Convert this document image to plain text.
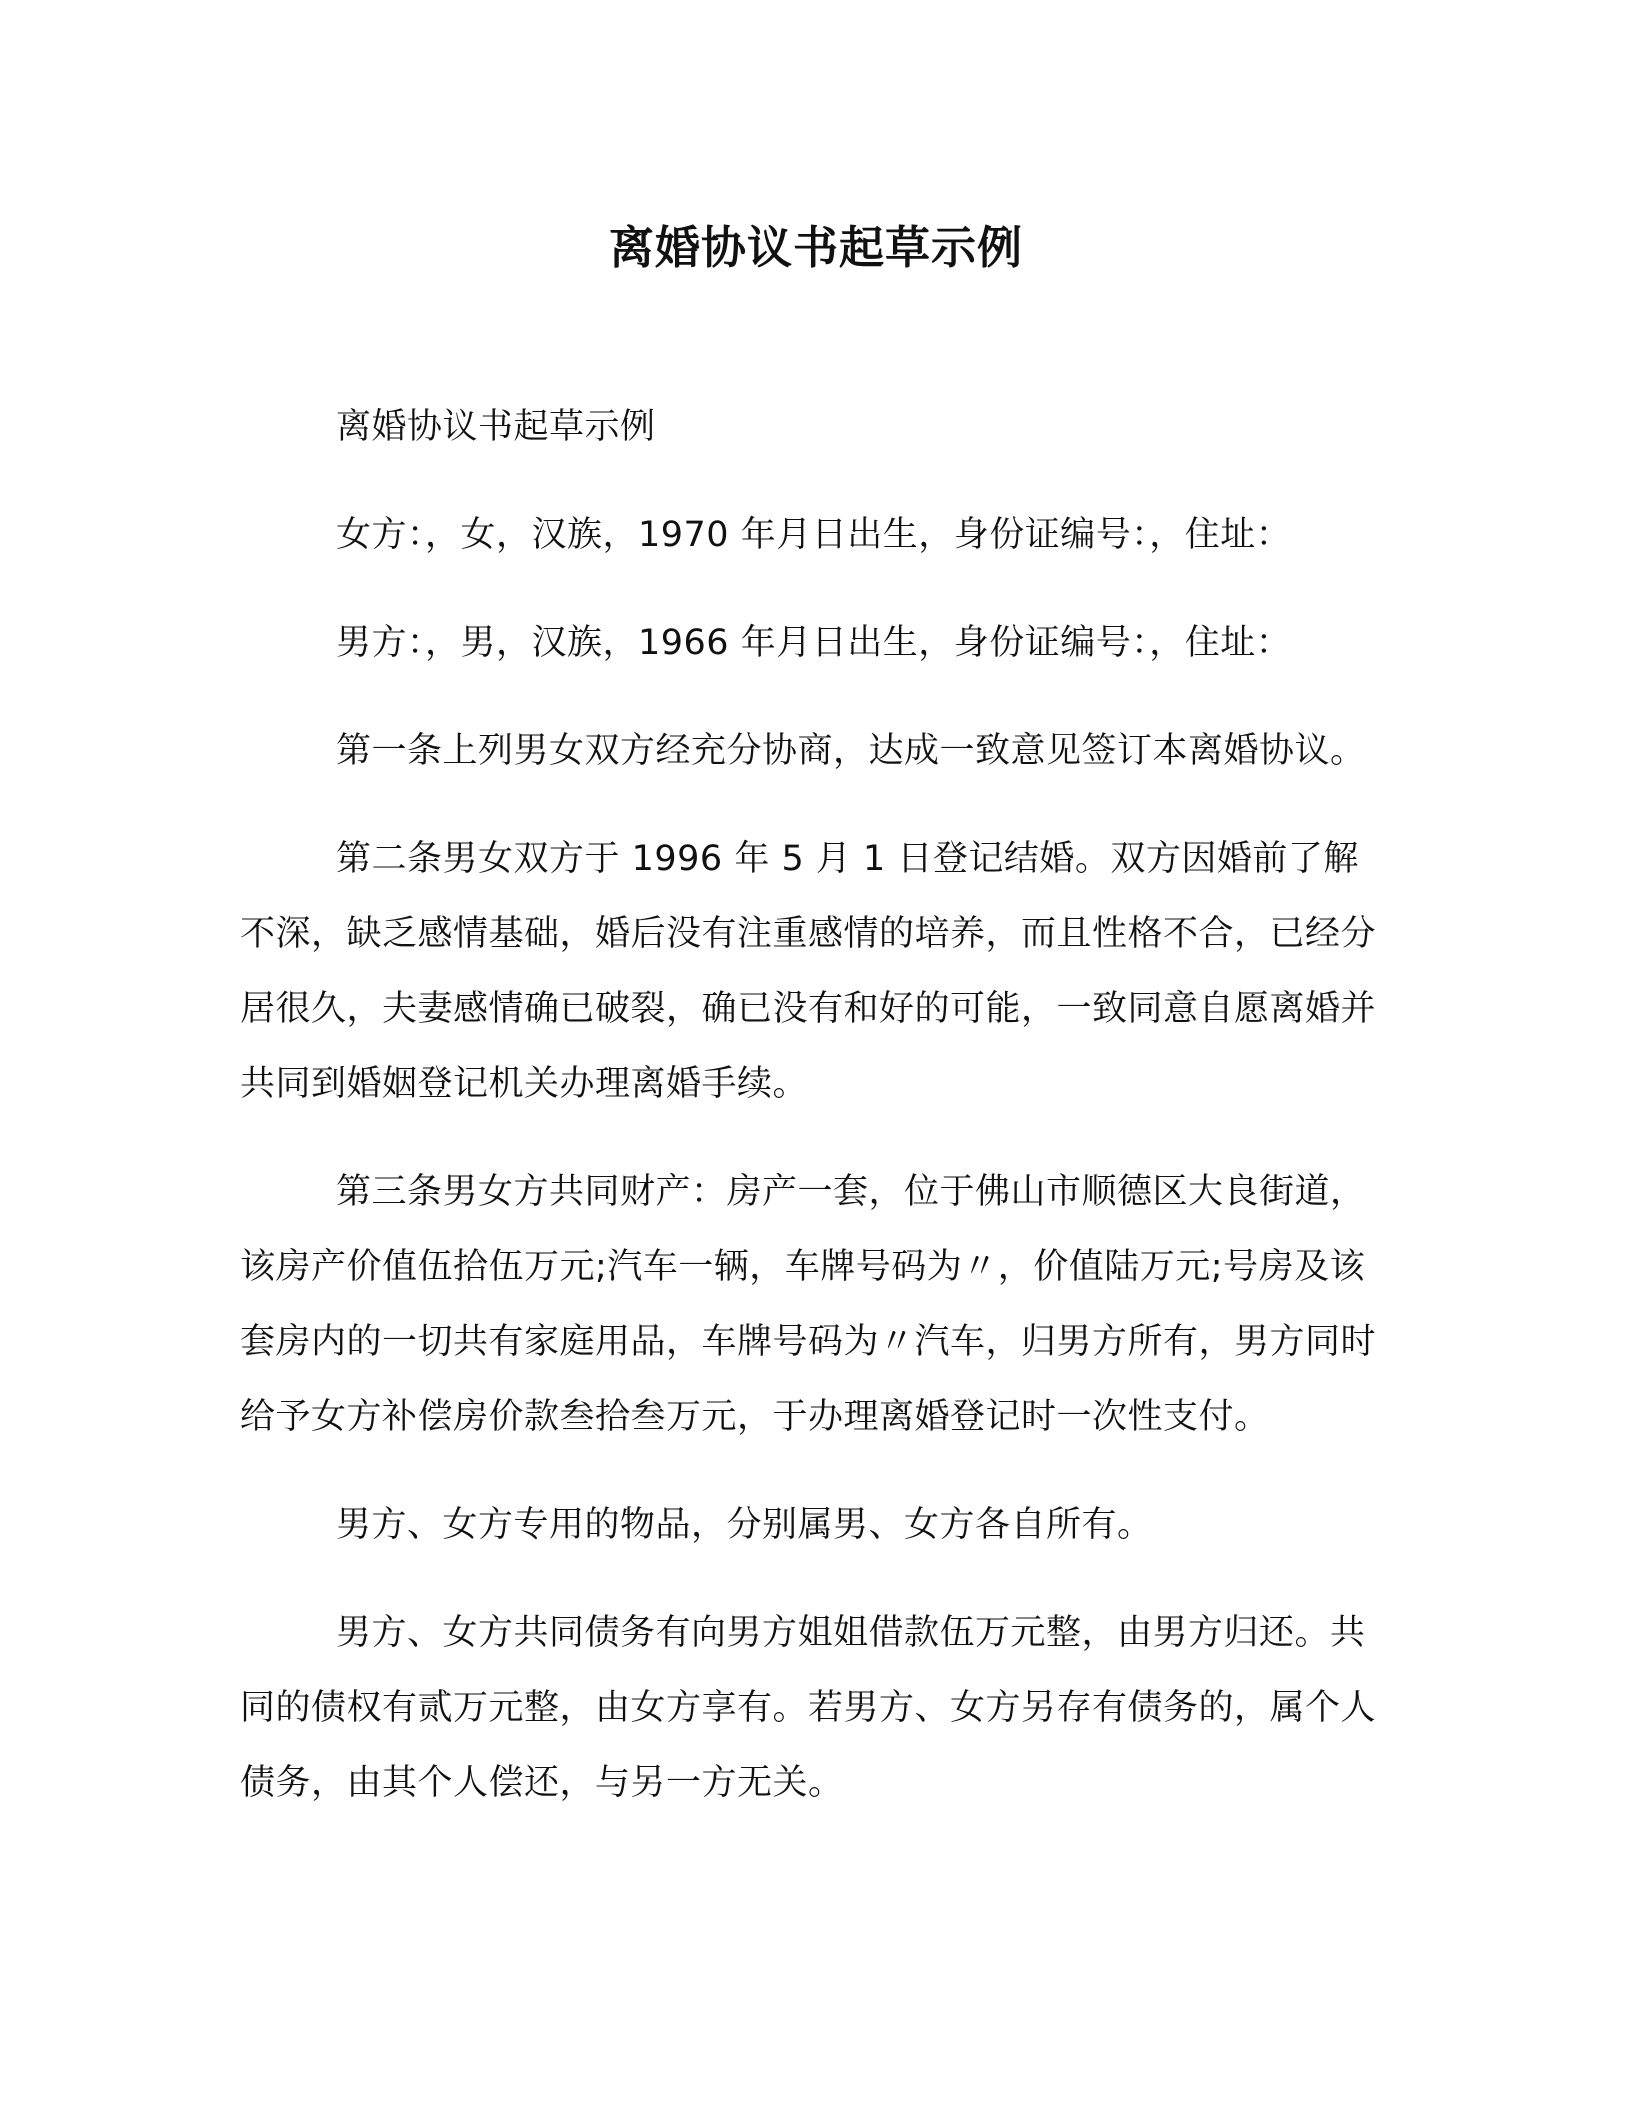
离婚协议书起草示例

离婚协议书起草示例

女方：，女，汉族，1970 年月日出生，身份证编号：，住址：

男方：，男，汉族，1966 年月日出生，身份证编号：，住址：

第一条上列男女双方经充分协商，达成一致意见签订本离婚协议。

第二条男女双方于 1996 年 5 月 1 日登记结婚。双方因婚前了解不深，缺乏感情基础，婚后没有注重感情的培养，而且性格不合，已经分居很久，夫妻感情确已破裂，确已没有和好的可能，一致同意自愿离婚并共同到婚姻登记机关办理离婚手续。

第三条男女方共同财产：房产一套，位于佛山市顺德区大良街道，该房产价值伍拾伍万元;汽车一辆，车牌号码为〃，价值陆万元;号房及该套房内的一切共有家庭用品，车牌号码为〃汽车，归男方所有，男方同时给予女方补偿房价款叁拾叁万元，于办理离婚登记时一次性支付。

男方、女方专用的物品，分别属男、女方各自所有。

男方、女方共同债务有向男方姐姐借款伍万元整，由男方归还。共同的债权有贰万元整，由女方享有。若男方、女方另存有债务的，属个人债务，由其个人偿还，与另一方无关。
